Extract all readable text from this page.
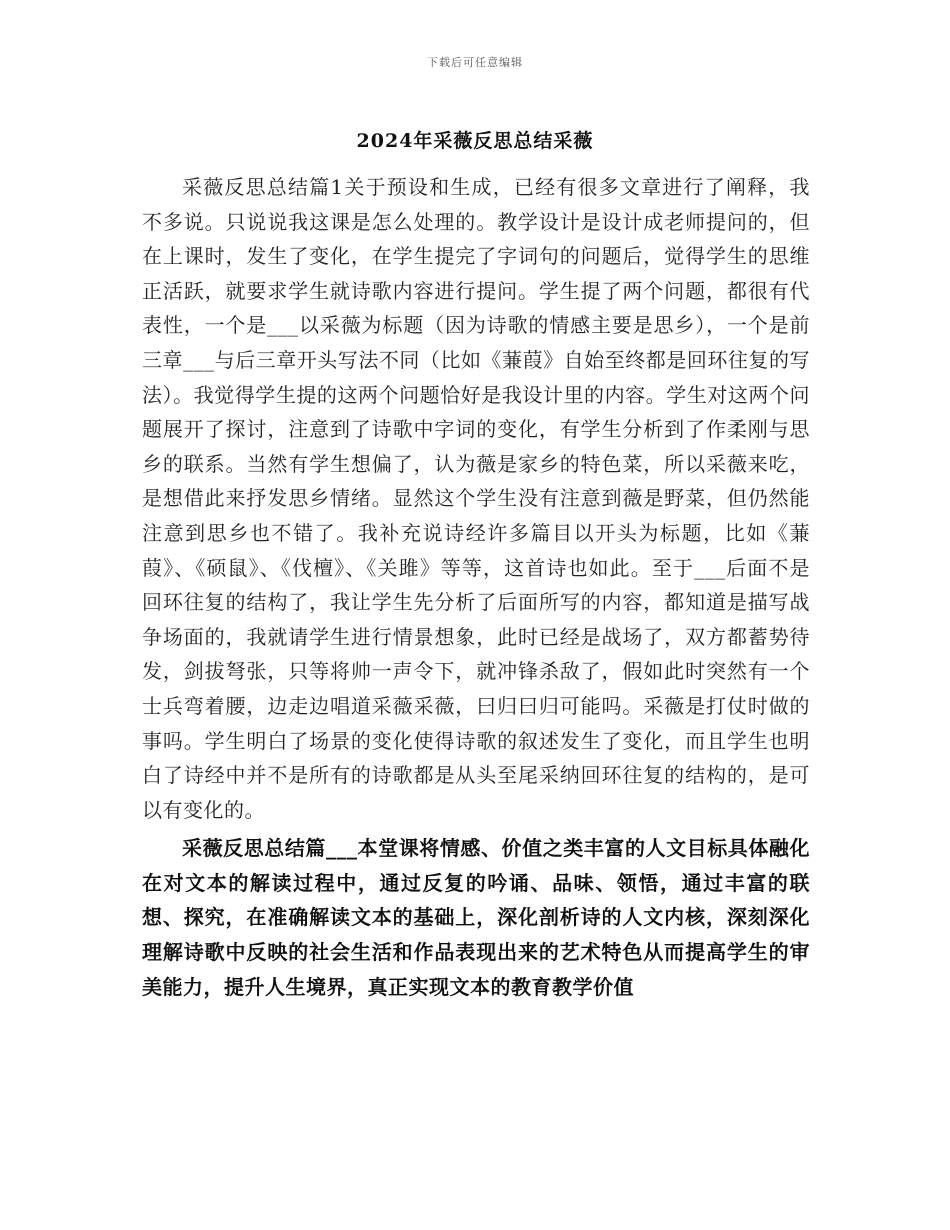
下载后可任意编辑
2024年采薇反思总结采薇

采薇反思总结篇1关于预设和生成，已经有很多文章进行了阐释，我不多说。只说说我这课是怎么处理的。教学设计是设计成老师提问的，但在上课时，发生了变化，在学生提完了字词句的问题后，觉得学生的思维正活跃，就要求学生就诗歌内容进行提问。学生提了两个问题，都很有代表性，一个是___以采薇为标题（因为诗歌的情感主要是思乡），一个是前三章___与后三章开头写法不同（比如《蒹葭》自始至终都是回环往复的写法）。我觉得学生提的这两个问题恰好是我设计里的内容。学生对这两个问题展开了探讨，注意到了诗歌中字词的变化，有学生分析到了作柔刚与思乡的联系。当然有学生想偏了，认为薇是家乡的特色菜，所以采薇来吃，是想借此来抒发思乡情绪。显然这个学生没有注意到薇是野菜，但仍然能注意到思乡也不错了。我补充说诗经许多篇目以开头为标题，比如《蒹葭》、《硕鼠》、《伐檀》、《关雎》等等，这首诗也如此。至于___后面不是回环往复的结构了，我让学生先分析了后面所写的内容，都知道是描写战争场面的，我就请学生进行情景想象，此时已经是战场了，双方都蓄势待发，剑拔弩张，只等将帅一声令下，就冲锋杀敌了，假如此时突然有一个士兵弯着腰，边走边唱道采薇采薇，曰归曰归可能吗。采薇是打仗时做的事吗。学生明白了场景的变化使得诗歌的叙述发生了变化，而且学生也明白了诗经中并不是所有的诗歌都是从头至尾采纳回环往复的结构的，是可以有变化的。

采薇反思总结篇___本堂课将情感、价值之类丰富的人文目标具体融化在对文本的解读过程中，通过反复的吟诵、品味、领悟，通过丰富的联想、探究，在准确解读文本的基础上，深化剖析诗的人文内核，深刻深化理解诗歌中反映的社会生活和作品表现出来的艺术特色从而提高学生的审美能力，提升人生境界，真正实现文本的教育教学价值
